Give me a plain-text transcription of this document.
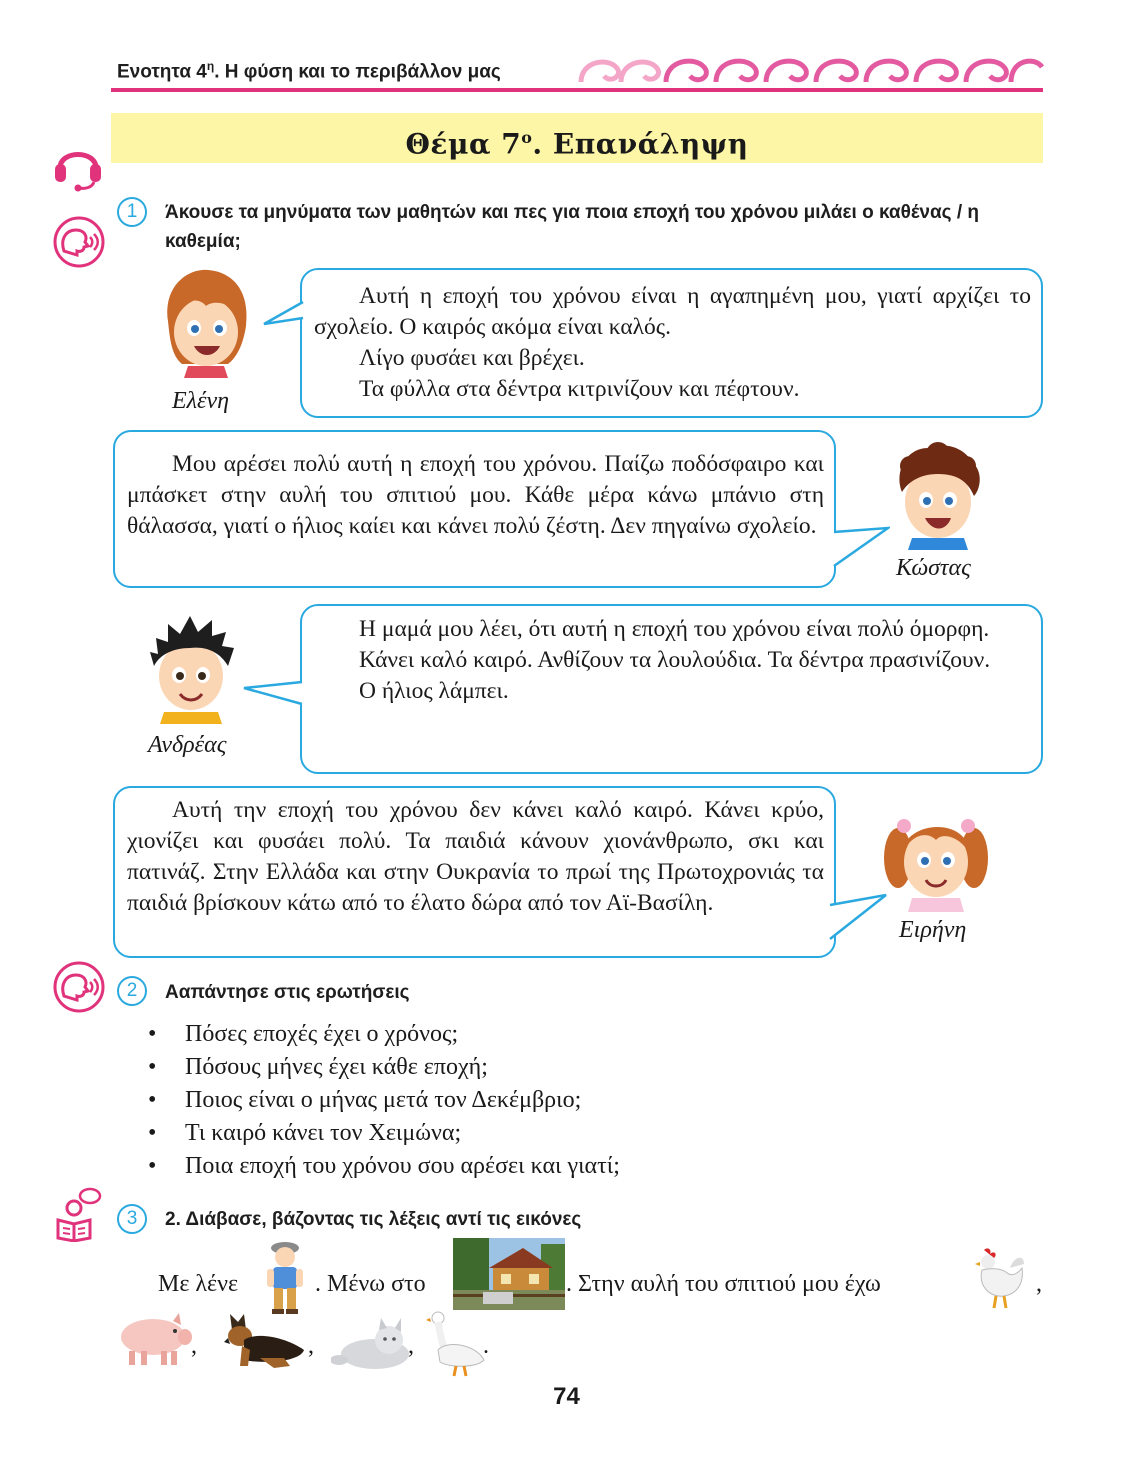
Ενοτητα $4^\eta$. Η φύση και το περιβάλλον μας
Θέμα $7^o$. Επανάληψη
1	Άκουσε τα μηνύματα των μαθητών και πες για ποια εποχή του χρόνου μιλάει ο καθένας / η καθεμία;
Ελένη

Αυτή η εποχή του χρόνου είναι η αγαπημένη μου, γιατί αρχίζει το σχολείο. Ο καιρός ακόμα είναι καλός.

Λίγο φυσάει και βρέχει.

Τα φύλλα στα δέντρα κιτρινίζουν και πέφτουν.

Μου αρέσει πολύ αυτή η εποχή του χρόνου. Παίζω ποδόσφαιρο και μπάσκετ στην αυλή του σπιτιού μου. Κάθε μέρα κάνω μπάνιο στη θάλασσα, γιατί ο ήλιος καίει και κάνει πολύ ζέστη. Δεν πηγαίνω σχολείο.

Κώστας
Ανδρέας

Η μαμά μου λέει, ότι αυτή η εποχή του χρόνου είναι πολύ όμορφη.

Κάνει καλό καιρό. Ανθίζουν τα λουλούδια. Τα δέντρα πρασινίζουν.

Ο ήλιος λάμπει.

Αυτή την εποχή του χρόνου δεν κάνει καλό καιρό. Κάνει κρύο, χιονίζει και φυσάει πολύ. Τα παιδιά κάνουν χιονάνθρωπο, σκι και πατινάζ. Στην Ελλάδα και στην Ουκρανία το πρωί της Πρωτοχρονιάς τα παιδιά βρίσκουν κάτω από το έλατο δώρα από τον Αϊ-Βασίλη.

Ειρήνη
2	Ααπάντησε στις ερωτήσεις
• Πόσες εποχές έχει ο χρόνος;
• Πόσους μήνες έχει κάθε εποχή;
• Ποιος είναι ο μήνας μετά τον Δεκέμβριο;
• Τι καιρό κάνει τον Χειμώνα;
• Ποια εποχή του χρόνου σου αρέσει και γιατί;
3	2. Διάβασε, βάζοντας τις λέξεις αντί τις εικόνες
Με λένε	. Μένω στο	. Στην αυλή του σπιτιού μου έχω	,
,	,	,	.
74
